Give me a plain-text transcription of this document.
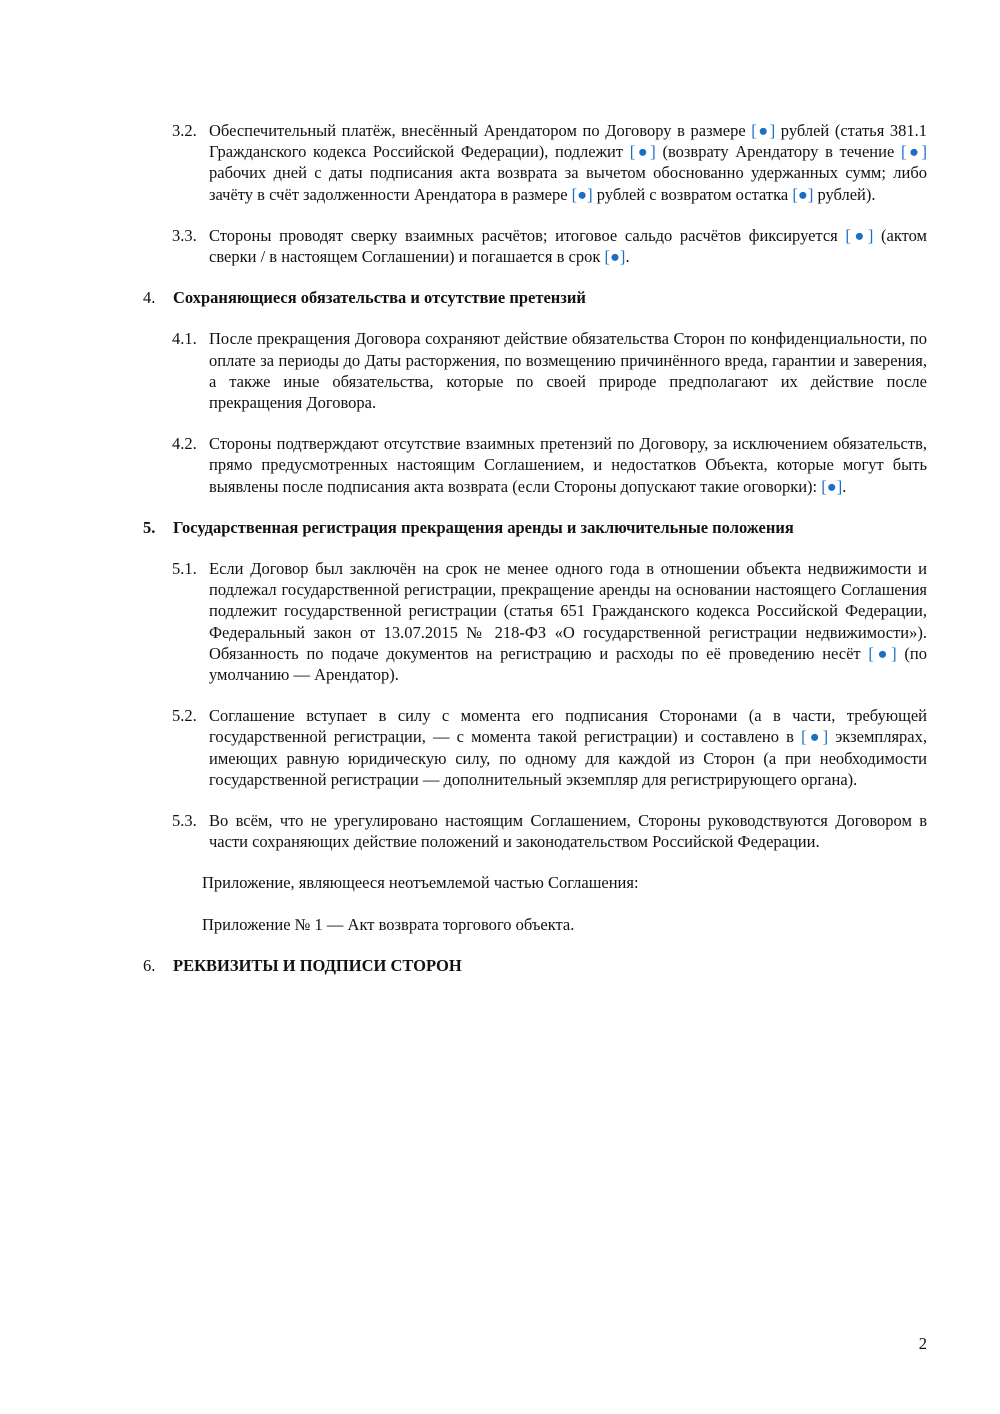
3.2. Обеспечительный платёж, внесённый Арендатором по Договору в размере [●] рублей (статья 381.1 Гражданского кодекса Российской Федерации), подлежит [●] (возврату Арендатору в течение [●] рабочих дней с даты подписания акта возврата за вычетом обоснованно удержанных сумм; либо зачёту в счёт задолженности Арендатора в размере [●] рублей с возвратом остатка [●] рублей).
3.3. Стороны проводят сверку взаимных расчётов; итоговое сальдо расчётов фиксируется [●] (актом сверки / в настоящем Соглашении) и погашается в срок [●].
4. Сохраняющиеся обязательства и отсутствие претензий
4.1. После прекращения Договора сохраняют действие обязательства Сторон по конфиденциальности, по оплате за периоды до Даты расторжения, по возмещению причинённого вреда, гарантии и заверения, а также иные обязательства, которые по своей природе предполагают их действие после прекращения Договора.
4.2. Стороны подтверждают отсутствие взаимных претензий по Договору, за исключением обязательств, прямо предусмотренных настоящим Соглашением, и недостатков Объекта, которые могут быть выявлены после подписания акта возврата (если Стороны допускают такие оговорки): [●].
5. Государственная регистрация прекращения аренды и заключительные положения
5.1. Если Договор был заключён на срок не менее одного года в отношении объекта недвижимости и подлежал государственной регистрации, прекращение аренды на основании настоящего Соглашения подлежит государственной регистрации (статья 651 Гражданского кодекса Российской Федерации, Федеральный закон от 13.07.2015 № 218-ФЗ «О государственной регистрации недвижимости»). Обязанность по подаче документов на регистрацию и расходы по её проведению несёт [●] (по умолчанию — Арендатор).
5.2. Соглашение вступает в силу с момента его подписания Сторонами (а в части, требующей государственной регистрации, — с момента такой регистрации) и составлено в [●] экземплярах, имеющих равную юридическую силу, по одному для каждой из Сторон (а при необходимости государственной регистрации — дополнительный экземпляр для регистрирующего органа).
5.3. Во всём, что не урегулировано настоящим Соглашением, Стороны руководствуются Договором в части сохраняющих действие положений и законодательством Российской Федерации.
Приложение, являющееся неотъемлемой частью Соглашения:
Приложение № 1 — Акт возврата торгового объекта.
6. РЕКВИЗИТЫ И ПОДПИСИ СТОРОН
2
